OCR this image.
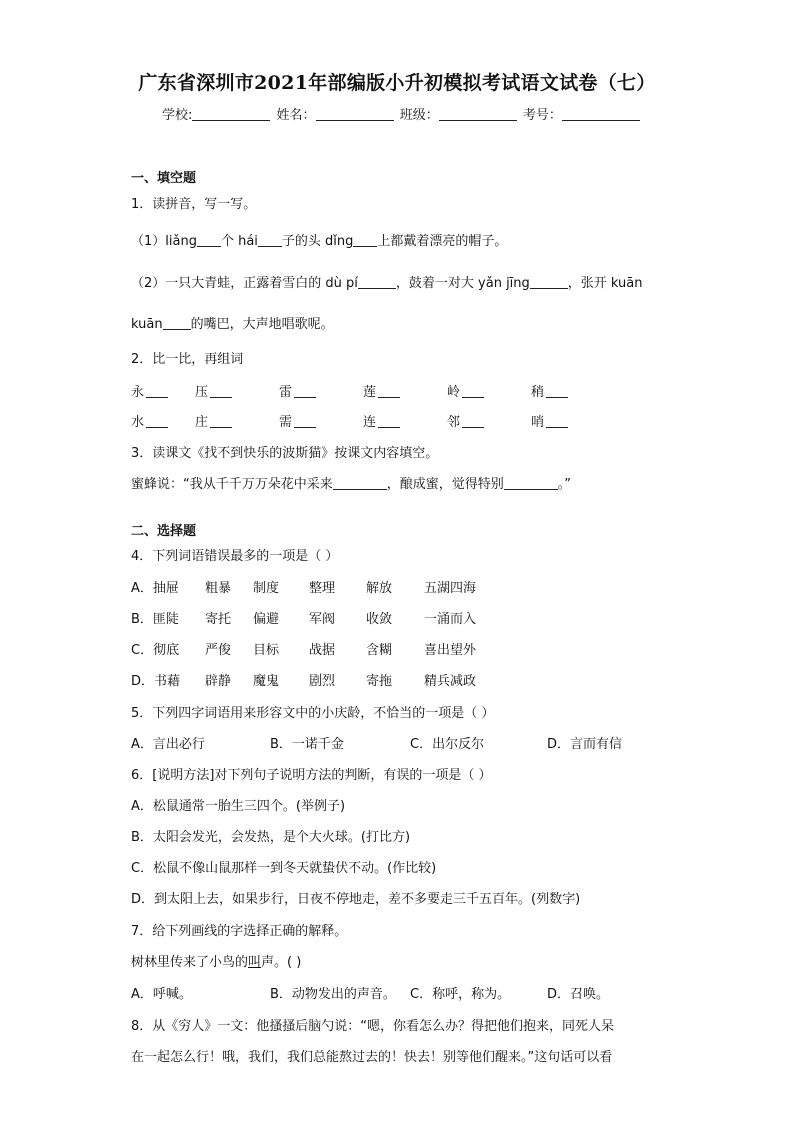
广东省深圳市2021年部编版小升初模拟考试语文试卷（七）
学校:	姓名：	班级：	考号：
一、填空题
1．读拼音，写一写。
（1）liǎng 个 hái 子的头 dǐng 上都戴着漂亮的帽子。
（2）一只大青蛙，正露着雪白的 dù pí	，鼓着一对大 yǎn jīng	，张开 kuān
kuān 的嘴巴，大声地唱歌呢。
2．比一比，再组词
永	压	雷	莲	岭	稍
水	庄	需	连	邻	哨
3．读课文《找不到快乐的波斯猫》按课文内容填空。
蜜蜂说：“我从千千万万朵花中采来	，酿成蜜，觉得特别	。”
二、选择题
4．下列词语错误最多的一项是（ ）
A．抽屉 粗暴 制度 整理 解放 五湖四海
B．匪陡 寄托 偏避 军阀 收敛 一涌而入
C．彻底 严俊 目标 战据 含糊 喜出望外
D．书藉 辟静 魔鬼 剧烈 寄拖 精兵减政
5．下列四字词语用来形容文中的小庆龄，不恰当的一项是（ ）
A．言出必行	B．一诺千金	C．出尔反尔	D．言而有信
6．[说明方法]对下列句子说明方法的判断，有误的一项是（ ）
A．松鼠通常一胎生三四个。(举例子)
B．太阳会发光，会发热，是个大火球。(打比方)
C．松鼠不像山鼠那样一到冬天就蛰伏不动。(作比较)
D．到太阳上去，如果步行，日夜不停地走，差不多要走三千五百年。(列数字)
7．给下列画线的字选择正确的解释。
树林里传来了小鸟的叫声。( )
A．呼喊。	B．动物发出的声音。 C．称呼，称为。	D．召唤。
8．从《穷人》一文：他搔搔后脑勺说：“嗯，你看怎么办？得把他们抱来，同死人呆
在一起怎么行！哦，我们，我们总能熬过去的！快去！别等他们醒来。”这句话可以看
